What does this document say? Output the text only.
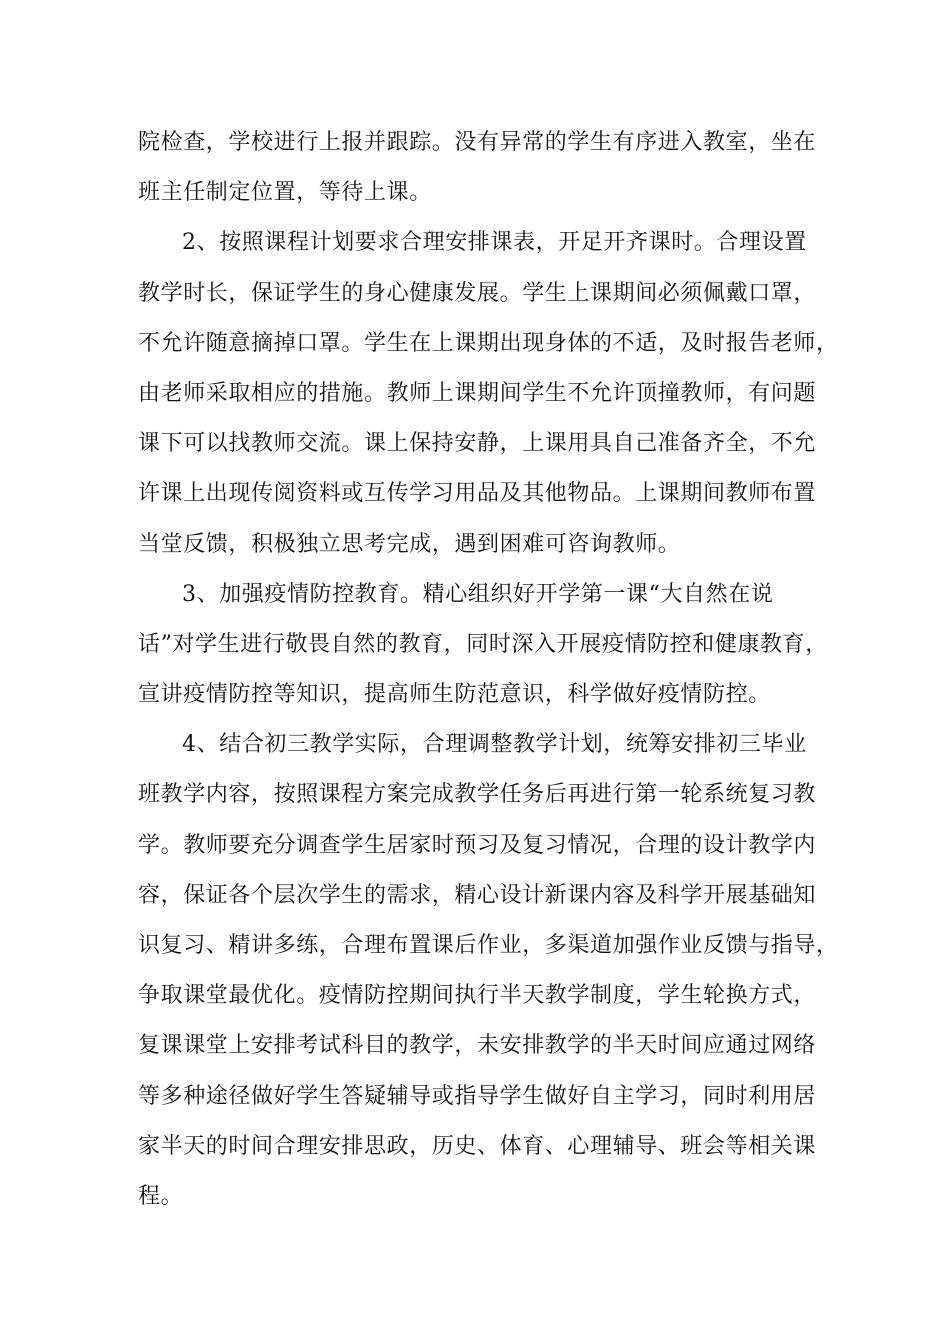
院检查，学校进行上报并跟踪。没有异常的学生有序进入教室，坐在
班主任制定位置，等待上课。
2、按照课程计划要求合理安排课表，开足开齐课时。合理设置
教学时长，保证学生的身心健康发展。学生上课期间必须佩戴口罩，
不允许随意摘掉口罩。学生在上课期出现身体的不适，及时报告老师，
由老师采取相应的措施。教师上课期间学生不允许顶撞教师，有问题
课下可以找教师交流。课上保持安静，上课用具自己准备齐全，不允
许课上出现传阅资料或互传学习用品及其他物品。上课期间教师布置
当堂反馈，积极独立思考完成，遇到困难可咨询教师。
3、加强疫情防控教育。精心组织好开学第一课“大自然在说
话”对学生进行敬畏自然的教育，同时深入开展疫情防控和健康教育，
宣讲疫情防控等知识，提高师生防范意识，科学做好疫情防控。
4、结合初三教学实际，合理调整教学计划，统筹安排初三毕业
班教学内容，按照课程方案完成教学任务后再进行第一轮系统复习教
学。教师要充分调查学生居家时预习及复习情况，合理的设计教学内
容，保证各个层次学生的需求，精心设计新课内容及科学开展基础知
识复习、精讲多练，合理布置课后作业，多渠道加强作业反馈与指导，
争取课堂最优化。疫情防控期间执行半天教学制度，学生轮换方式，
复课课堂上安排考试科目的教学，未安排教学的半天时间应通过网络
等多种途径做好学生答疑辅导或指导学生做好自主学习，同时利用居
家半天的时间合理安排思政，历史、体育、心理辅导、班会等相关课
程。
